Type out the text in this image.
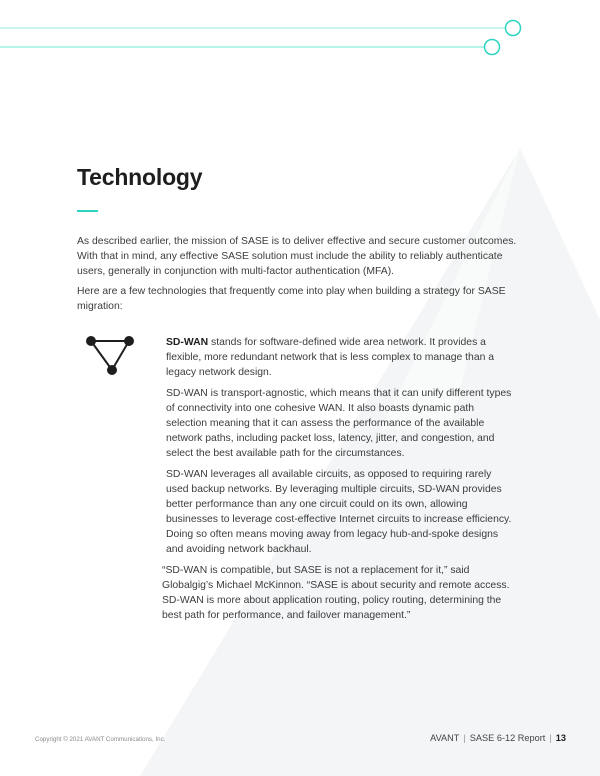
Technology

As described earlier, the mission of SASE is to deliver effective and secure customer outcomes. With that in mind, any effective SASE solution must include the ability to reliably authenticate users, generally in conjunction with multi-factor authentication (MFA).

Here are a few technologies that frequently come into play when building a strategy for SASE migration:

SD-WAN stands for software-defined wide area network. It provides a flexible, more redundant network that is less complex to manage than a legacy network design.

SD-WAN is transport-agnostic, which means that it can unify different types of connectivity into one cohesive WAN. It also boasts dynamic path selection meaning that it can assess the performance of the available network paths, including packet loss, latency, jitter, and congestion, and select the best available path for the circumstances.

SD-WAN leverages all available circuits, as opposed to requiring rarely used backup networks. By leveraging multiple circuits, SD-WAN provides better performance than any one circuit could on its own, allowing businesses to leverage cost-effective Internet circuits to increase efficiency. Doing so often means moving away from legacy hub-and-spoke designs and avoiding network backhaul.

“SD-WAN is compatible, but SASE is not a replacement for it,” said Globalgig’s Michael McKinnon. “SASE is about security and remote access. SD-WAN is more about application routing, policy routing, determining the best path for performance, and failover management.”

Copyright © 2021 AVANT Communications, Inc.	AVANT | SASE 6-12 Report | 13
